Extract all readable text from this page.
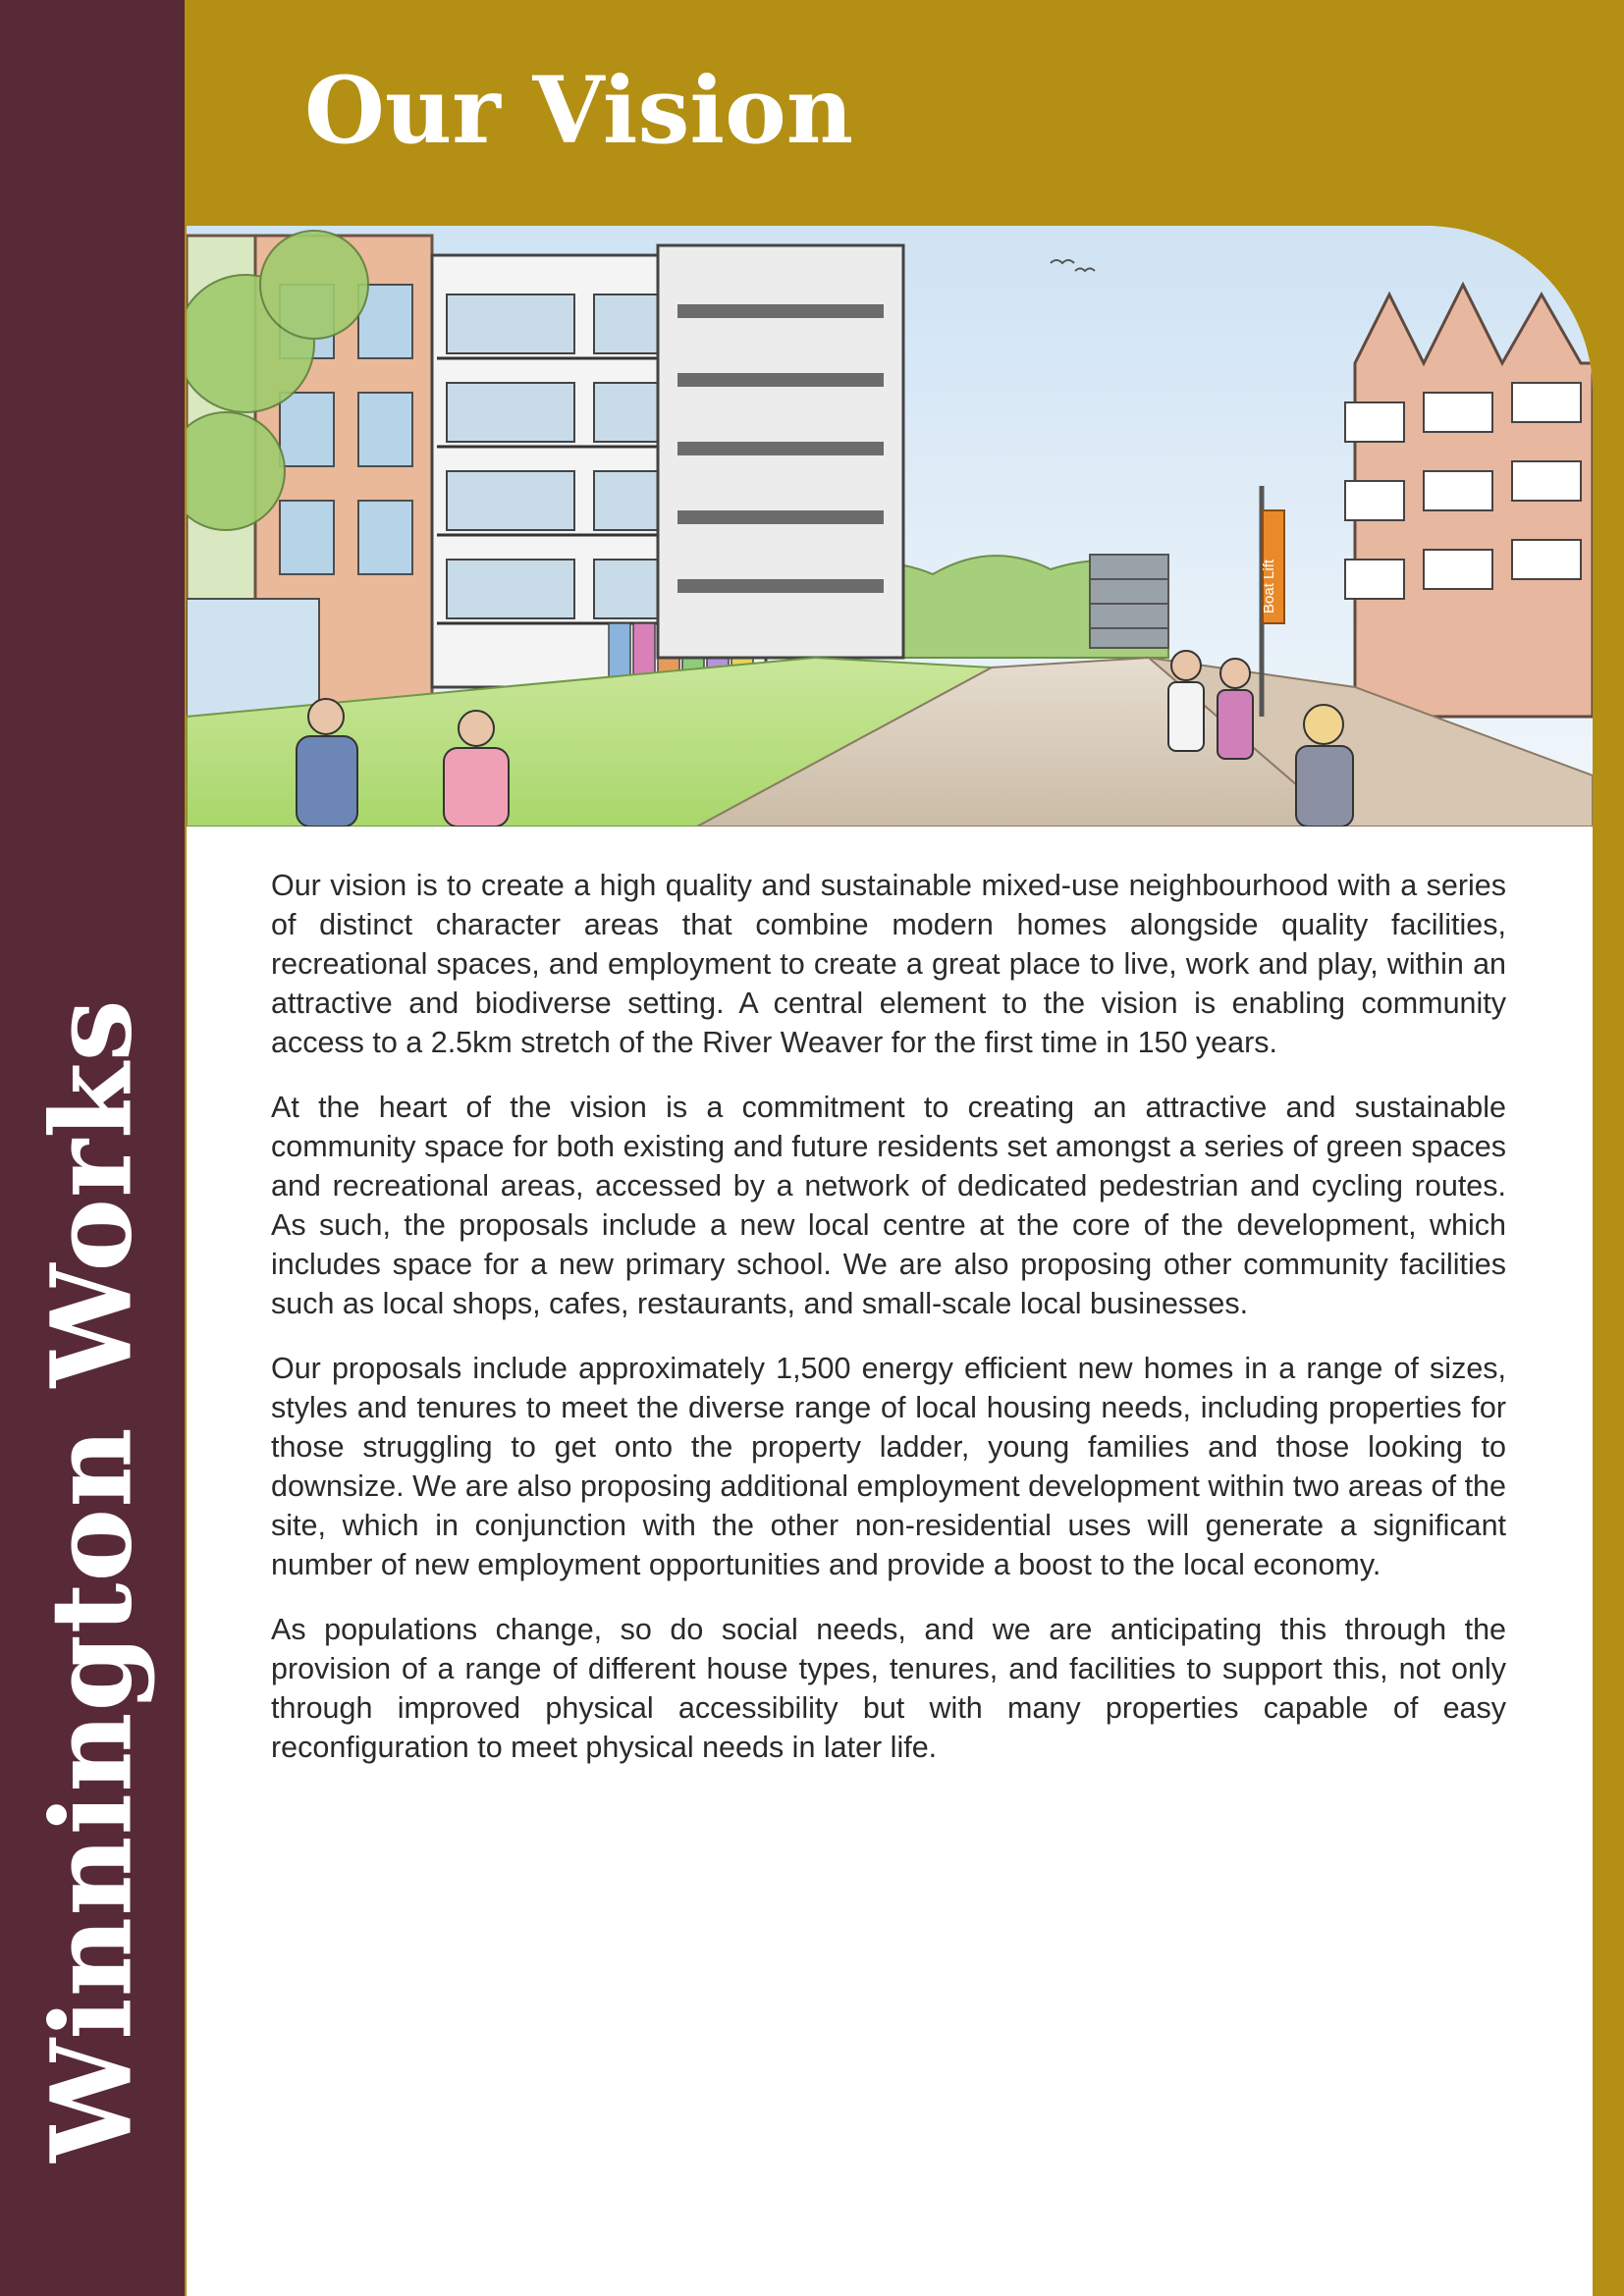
Winnington Works
Our Vision
Boat Lift

Our vision is to create a high quality and sustainable mixed-use neighbourhood with a series of distinct character areas that combine modern homes alongside quality facilities, recreational spaces, and employment to create a great place to live, work and play, within an attractive and biodiverse setting. A central element to the vision is enabling community access to a 2.5km stretch of the River Weaver for the first time in 150 years.

At the heart of the vision is a commitment to creating an attractive and sustainable community space for both existing and future residents set amongst a series of green spaces and recreational areas, accessed by a network of dedicated pedestrian and cycling routes. As such, the proposals include a new local centre at the core of the development, which includes space for a new primary school. We are also proposing other community facilities such as local shops, cafes, restaurants, and small-scale local businesses.

Our proposals include approximately 1,500 energy efficient new homes in a range of sizes, styles and tenures to meet the diverse range of local housing needs, including properties for those struggling to get onto the property ladder, young families and those looking to downsize. We are also proposing additional employment development within two areas of the site, which in conjunction with the other non-residential uses will generate a significant number of new employment opportunities and provide a boost to the local economy.

As populations change, so do social needs, and we are anticipating this through the provision of a range of different house types, tenures, and facilities to support this, not only through improved physical accessibility but with many properties capable of easy reconfiguration to meet physical needs in later life.
